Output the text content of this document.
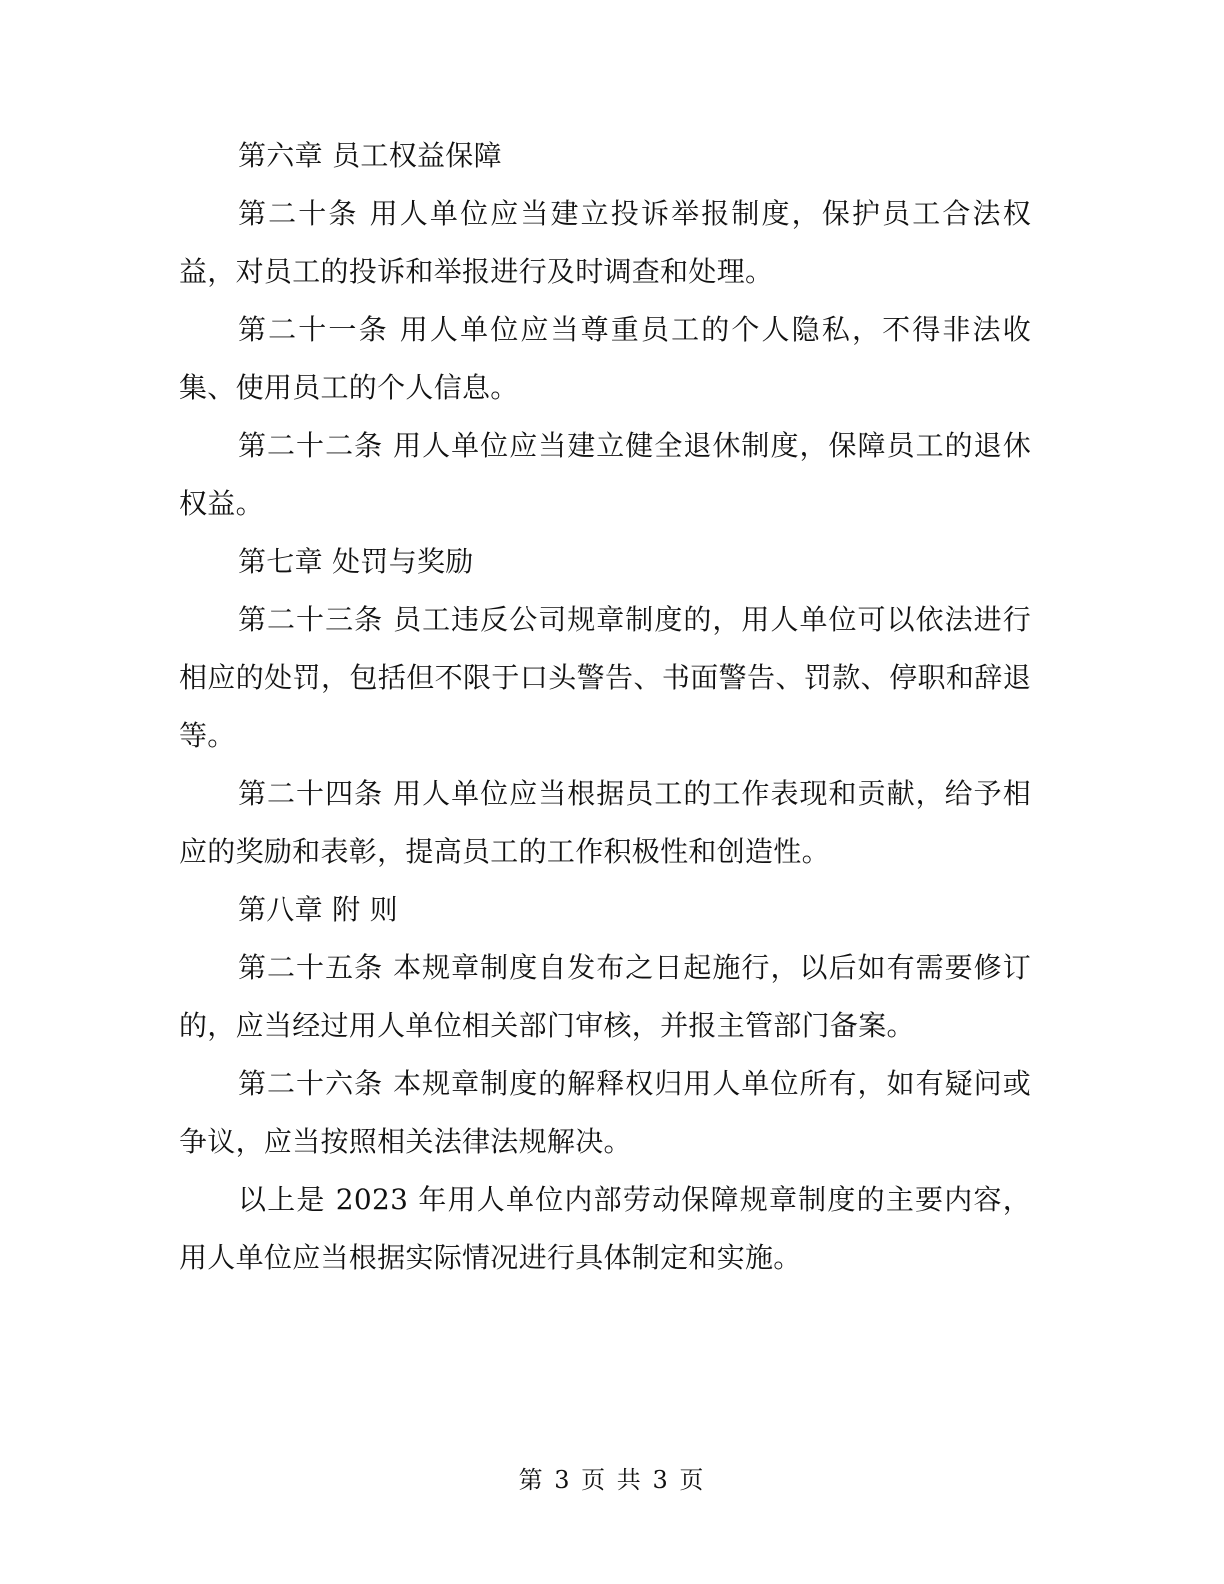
第六章 员工权益保障

第二十条 用人单位应当建立投诉举报制度，保护员工合法权益，对员工的投诉和举报进行及时调查和处理。

第二十一条 用人单位应当尊重员工的个人隐私，不得非法收集、使用员工的个人信息。

第二十二条 用人单位应当建立健全退休制度，保障员工的退休权益。

第七章 处罚与奖励

第二十三条 员工违反公司规章制度的，用人单位可以依法进行相应的处罚，包括但不限于口头警告、书面警告、罚款、停职和辞退等。

第二十四条 用人单位应当根据员工的工作表现和贡献，给予相应的奖励和表彰，提高员工的工作积极性和创造性。

第八章 附 则

第二十五条 本规章制度自发布之日起施行，以后如有需要修订的，应当经过用人单位相关部门审核，并报主管部门备案。

第二十六条 本规章制度的解释权归用人单位所有，如有疑问或争议，应当按照相关法律法规解决。

以上是 2023 年用人单位内部劳动保障规章制度的主要内容，用人单位应当根据实际情况进行具体制定和实施。

第 3 页 共 3 页
